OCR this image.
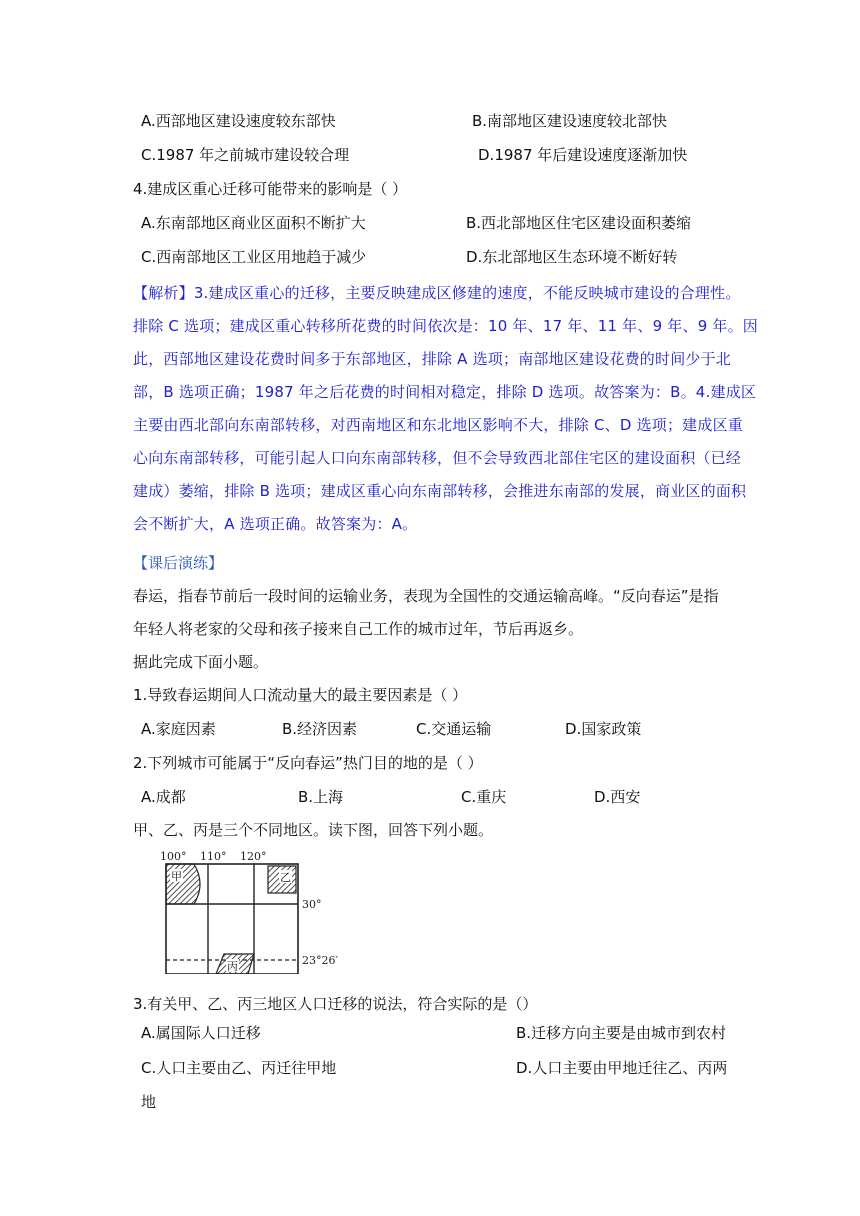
A.西部地区建设速度较东部快	B.南部地区建设速度较北部快
C.1987 年之前城市建设较合理	D.1987 年后建设速度逐渐加快
4.建成区重心迁移可能带来的影响是（ ）
A.东南部地区商业区面积不断扩大	B.西北部地区住宅区建设面积萎缩
C.西南部地区工业区用地趋于减少	D.东北部地区生态环境不断好转
【解析】3.建成区重心的迁移，主要反映建成区修建的速度，不能反映城市建设的合理性。
排除 C 选项；建成区重心转移所花费的时间依次是：10 年、17 年、11 年、9 年、9 年。因
此，西部地区建设花费时间多于东部地区，排除 A 选项；南部地区建设花费的时间少于北
部，B 选项正确；1987 年之后花费的时间相对稳定，排除 D 选项。故答案为：B。4.建成区
主要由西北部向东南部转移，对西南地区和东北地区影响不大，排除 C、D 选项；建成区重
心向东南部转移，可能引起人口向东南部转移，但不会导致西北部住宅区的建设面积（已经
建成）萎缩，排除 B 选项；建成区重心向东南部转移，会推进东南部的发展，商业区的面积
会不断扩大，A 选项正确。故答案为：A。
【课后演练】
春运，指春节前后一段时间的运输业务，表现为全国性的交通运输高峰。“反向春运”是指
年轻人将老家的父母和孩子接来自己工作的城市过年，节后再返乡。
据此完成下面小题。
1.导致春运期间人口流动量大的最主要因素是（ ）
A.家庭因素	B.经济因素	C.交通运输	D.国家政策
2.下列城市可能属于“反向春运”热门目的地的是（ ）
A.成都	B.上海	C.重庆	D.西安
甲、乙、丙是三个不同地区。读下图，回答下列小题。
100° 110° 120°
甲	乙
丙
30°
23°26′
3.有关甲、乙、丙三地区人口迁移的说法，符合实际的是（）
A.属国际人口迁移	B.迁移方向主要是由城市到农村
C.人口主要由乙、丙迁往甲地	D.人口主要由甲地迁往乙、丙两
地
